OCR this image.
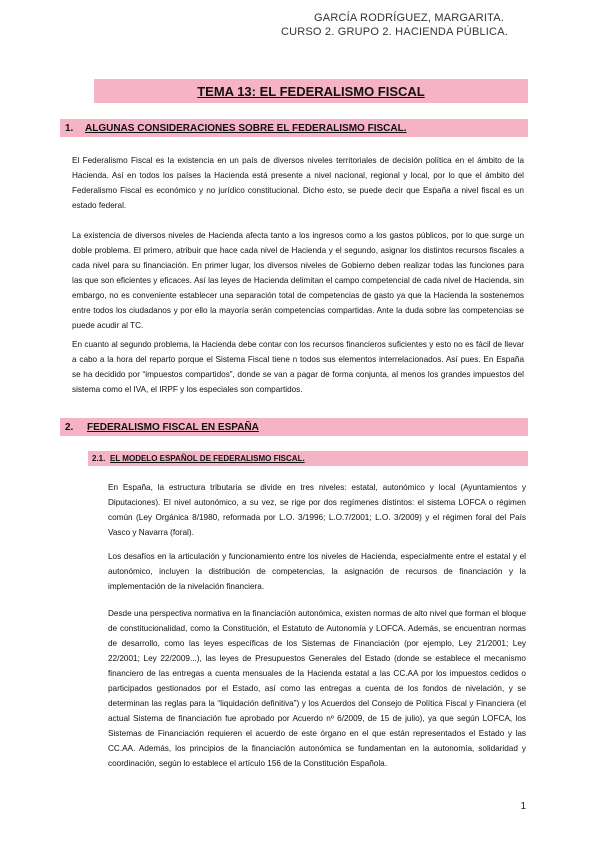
GARCÍA RODRÍGUEZ, MARGARITA.
CURSO 2. GRUPO 2. HACIENDA PÚBLICA.
TEMA 13: EL FEDERALISMO FISCAL
1.	ALGUNAS CONSIDERACIONES SOBRE EL FEDERALISMO FISCAL.
El Federalismo Fiscal es la existencia en un país de diversos niveles territoriales de decisión política en el ámbito de la Hacienda. Así en todos los países la Hacienda está presente a nivel nacional, regional y local, por lo que el ámbito del Federalismo Fiscal es económico y no jurídico constitucional. Dicho esto, se puede decir que España a nivel fiscal es un estado federal.
La existencia de diversos niveles de Hacienda afecta tanto a los ingresos como a los gastos públicos, por lo que surge un doble problema. El primero, atribuir que hace cada nivel de Hacienda y el segundo, asignar los distintos recursos fiscales a cada nivel para su financiación. En primer lugar, los diversos niveles de Gobierno deben realizar todas las funciones para las que son eficientes y eficaces. Así las leyes de Hacienda delimitan el campo competencial de cada nivel de Hacienda, sin embargo, no es conveniente establecer una separación total de competencias de gasto ya que la Hacienda la sostenemos entre todos los ciudadanos y por ello la mayoría serán competencias compartidas. Ante la duda sobre las competencias se puede acudir al TC.
En cuanto al segundo problema, la Hacienda debe contar con los recursos financieros suficientes y esto no es fácil de llevar a cabo a la hora del reparto porque el Sistema Fiscal tiene n todos sus elementos interrelacionados. Así pues. En España se ha decidido por “impuestos compartidos”, donde se van a pagar de forma conjunta, al menos los grandes impuestos del sistema como el IVA, el IRPF y los especiales son compartidos.
2.	FEDERALISMO FISCAL EN ESPAÑA
2.1. EL MODELO ESPAÑOL DE FEDERALISMO FISCAL.
En España, la estructura tributaria se divide en tres niveles: estatal, autonómico y local (Ayuntamientos y Diputaciones). El nivel autonómico, a su vez, se rige por dos regímenes distintos: el sistema LOFCA o régimen común (Ley Orgánica 8/1980, reformada por L.O. 3/1996; L.O.7/2001; L.O. 3/2009) y el régimen foral del País Vasco y Navarra (foral).
Los desafíos en la articulación y funcionamiento entre los niveles de Hacienda, especialmente entre el estatal y el autonómico, incluyen la distribución de competencias, la asignación de recursos de financiación y la implementación de la nivelación financiera.
Desde una perspectiva normativa en la financiación autonómica, existen normas de alto nivel que forman el bloque de constitucionalidad, como la Constitución, el Estatuto de Autonomía y LOFCA. Además, se encuentran normas de desarrollo, como las leyes específicas de los Sistemas de Financiación (por ejemplo, Ley 21/2001; Ley 22/2001; Ley 22/2009...), las leyes de Presupuestos Generales del Estado (donde se establece el mecanismo financiero de las entregas a cuenta mensuales de la Hacienda estatal a las CC.AA por los impuestos cedidos o participados gestionados por el Estado, así como las entregas a cuenta de los fondos de nivelación, y se determinan las reglas para la “liquidación definitiva”) y los Acuerdos del Consejo de Política Fiscal y Financiera (el actual Sistema de financiación fue aprobado por Acuerdo nº 6/2009, de 15 de julio), ya que según LOFCA, los Sistemas de Financiación requieren el acuerdo de este órgano en el que están representados el Estado y las CC.AA. Además, los principios de la financiación autonómica se fundamentan en la autonomía, solidaridad y coordinación, según lo establece el artículo 156 de la Constitución Española.
1
